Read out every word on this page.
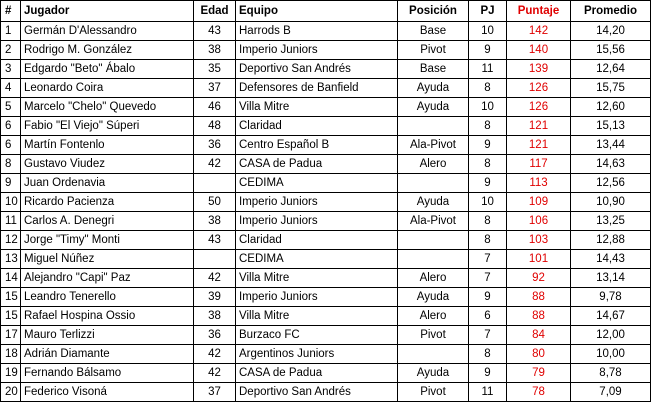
#	Jugador	Edad	Equipo	Posición	PJ	Puntaje	Promedio
1	Germán D'Alessandro	43	Harrods B	Base	10	142	14,20
2	Rodrigo M. González	38	Imperio Juniors	Pivot	9	140	15,56
3	Edgardo "Beto" Ábalo	35	Deportivo San Andrés	Base	11	139	12,64
4	Leonardo Coira	37	Defensores de Banfield	Ayuda	8	126	15,75
5	Marcelo "Chelo" Quevedo	46	Villa Mitre	Ayuda	10	126	12,60
6	Fabio "El Viejo" Súperi	48	Claridad		8	121	15,13
6	Martín Fontenlo	36	Centro Español B	Ala-Pivot	9	121	13,44
8	Gustavo Viudez	42	CASA de Padua	Alero	8	117	14,63
9	Juan Ordenavia		CEDIMA		9	113	12,56
10	Ricardo Pacienza	50	Imperio Juniors	Ayuda	10	109	10,90
11	Carlos A. Denegri	38	Imperio Juniors	Ala-Pivot	8	106	13,25
12	Jorge "Timy" Monti	43	Claridad		8	103	12,88
13	Miguel Núñez		CEDIMA		7	101	14,43
14	Alejandro "Capi" Paz	42	Villa Mitre	Alero	7	92	13,14
15	Leandro Tenerello	39	Imperio Juniors	Ayuda	9	88	9,78
15	Rafael Hospina Ossio	38	Villa Mitre	Alero	6	88	14,67
17	Mauro Terlizzi	36	Burzaco FC	Pivot	7	84	12,00
18	Adrián Diamante	42	Argentinos Juniors		8	80	10,00
19	Fernando Bálsamo	42	CASA de Padua	Ayuda	9	79	8,78
20	Federico Visoná	37	Deportivo San Andrés	Pivot	11	78	7,09
